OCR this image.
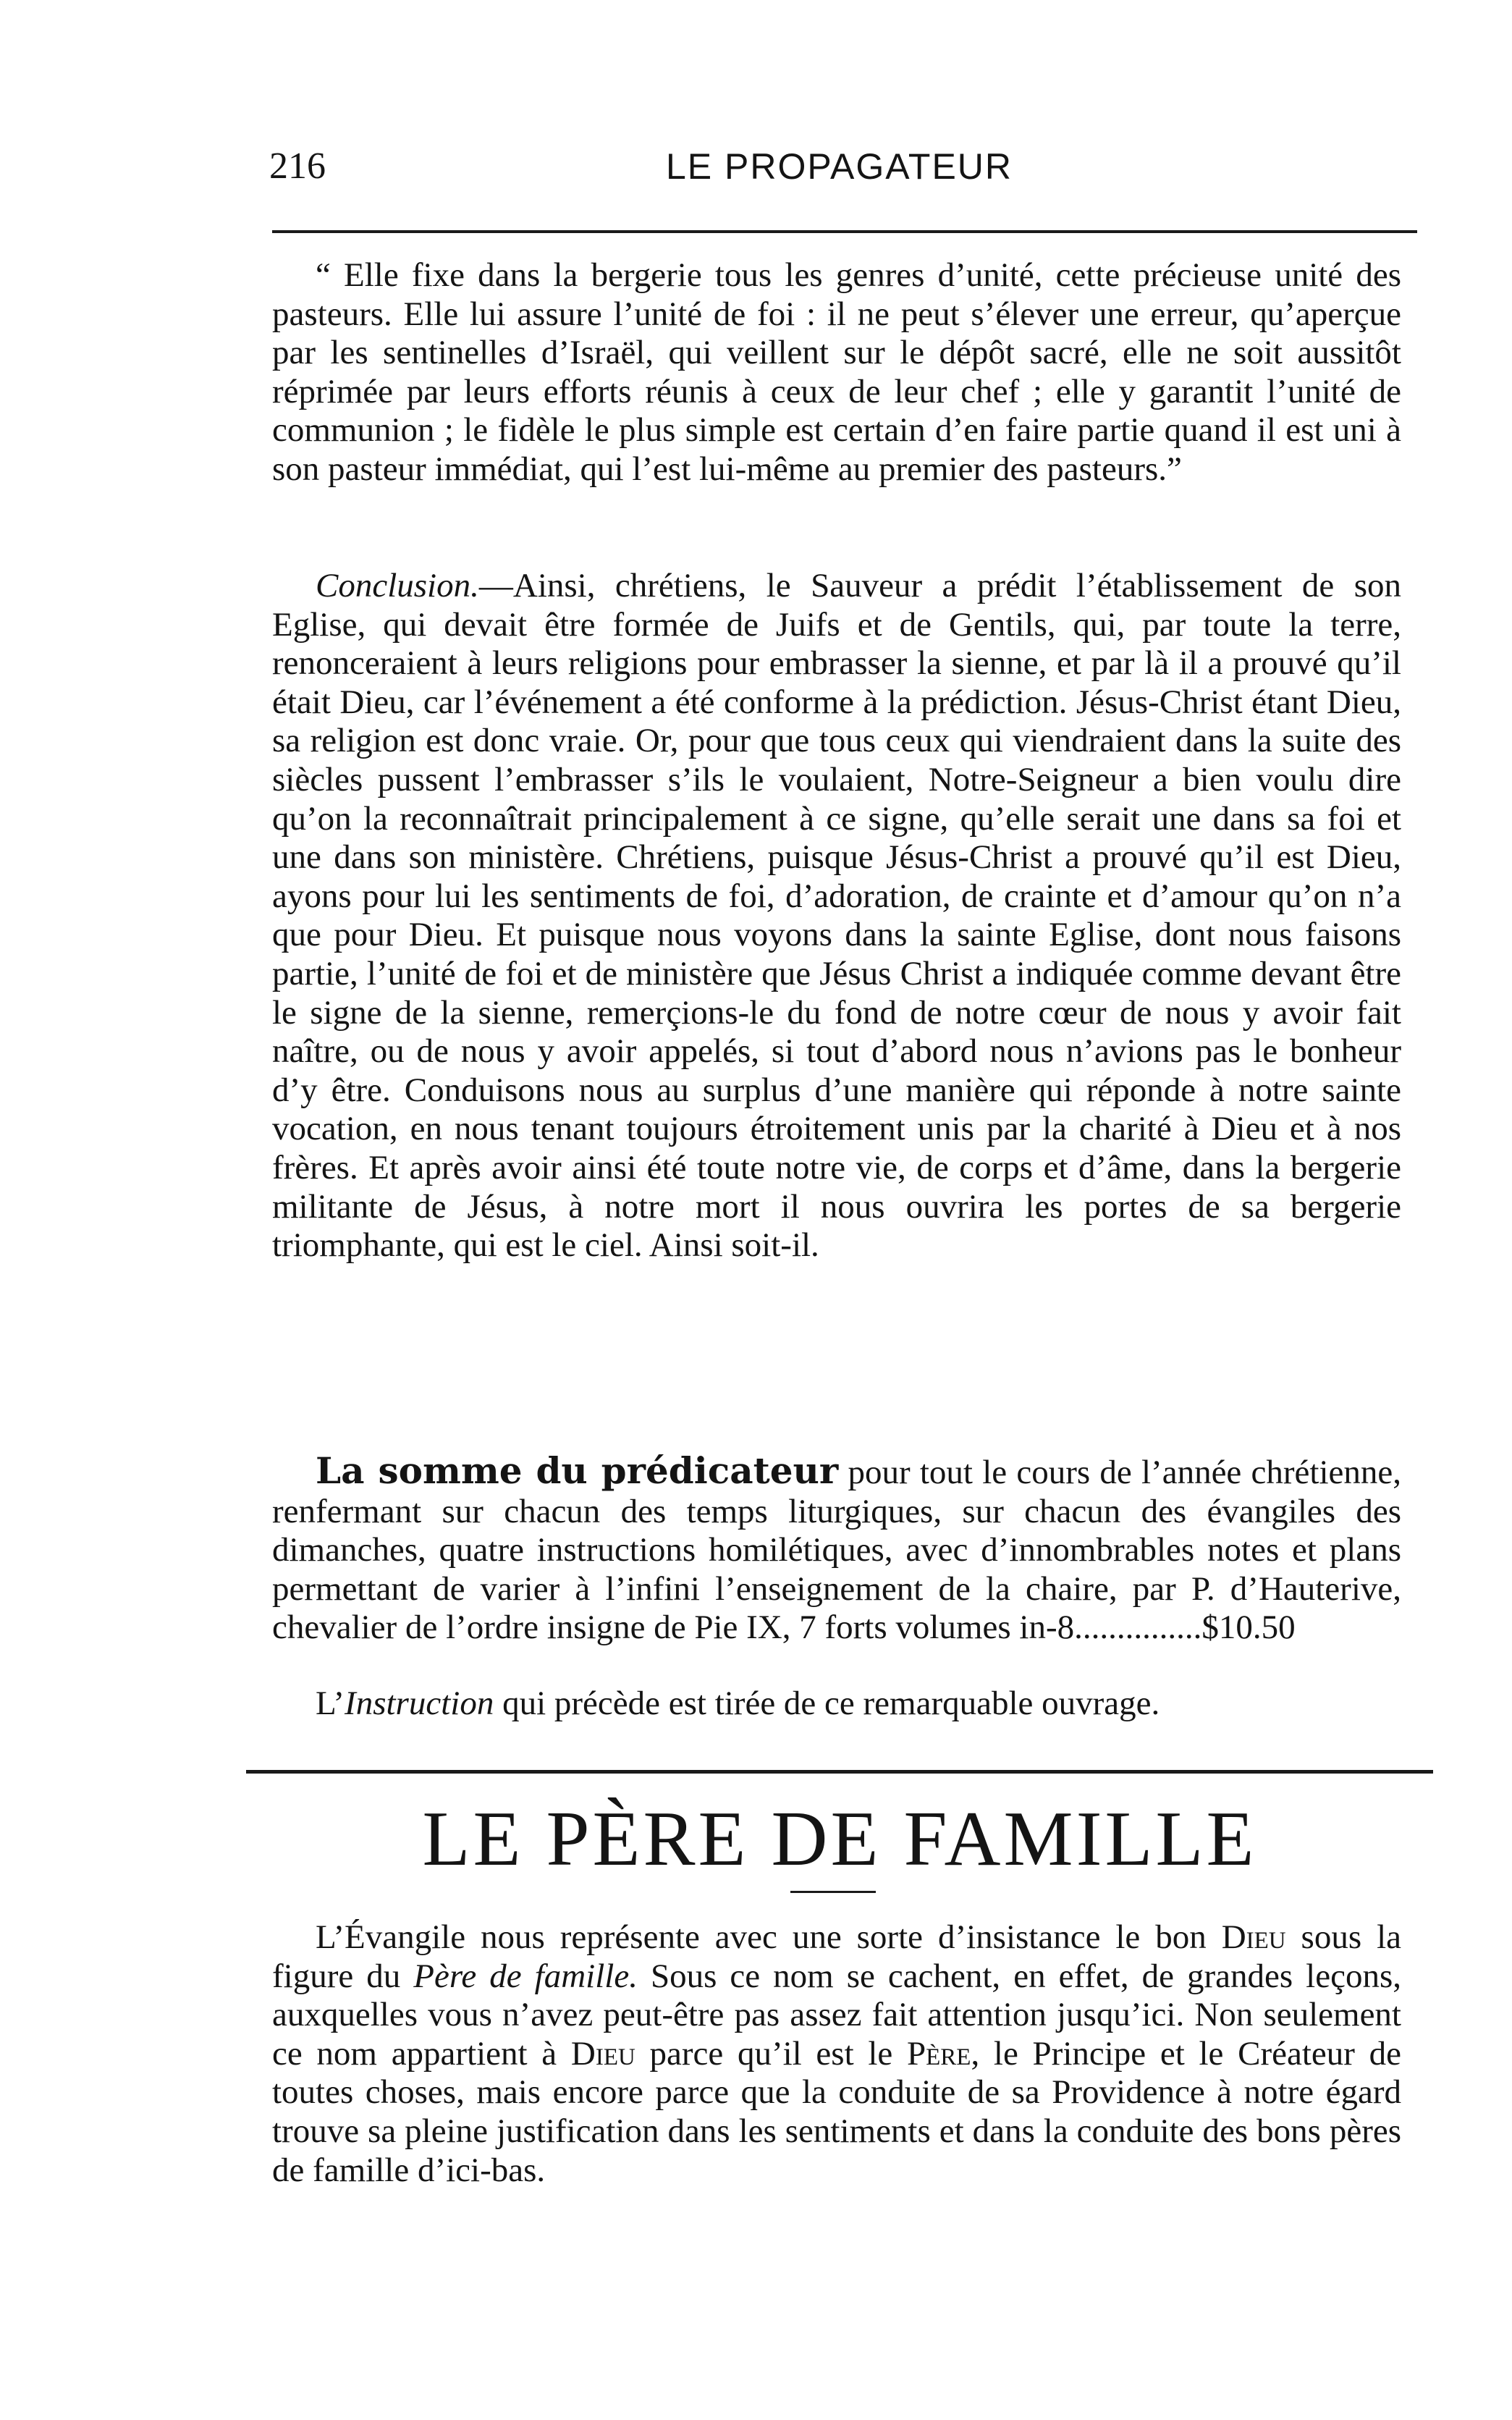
216	LE PROPAGATEUR

“ Elle fixe dans la bergerie tous les genres d’unité, cette précieuse unité des pasteurs. Elle lui assure l’unité de foi : il ne peut s’élever une erreur, qu’aperçue par les sentinelles d’Israël, qui veillent sur le dépôt sacré, elle ne soit aussitôt réprimée par leurs efforts réunis à ceux de leur chef ; elle y garantit l’unité de communion ; le fidèle le plus simple est certain d’en faire partie quand il est uni à son pasteur immédiat, qui l’est lui-même au premier des pasteurs.”

Conclusion.—Ainsi, chrétiens, le Sauveur a prédit l’établissement de son Eglise, qui devait être formée de Juifs et de Gentils, qui, par toute la terre, renonceraient à leurs religions pour embrasser la sienne, et par là il a prouvé qu’il était Dieu, car l’événement a été conforme à la prédiction. Jésus-Christ étant Dieu, sa religion est donc vraie. Or, pour que tous ceux qui viendraient dans la suite des siècles pussent l’embrasser s’ils le voulaient, Notre-Seigneur a bien voulu dire qu’on la reconnaîtrait principalement à ce signe, qu’elle serait une dans sa foi et une dans son ministère. Chrétiens, puisque Jésus-Christ a prouvé qu’il est Dieu, ayons pour lui les sentiments de foi, d’adoration, de crainte et d’amour qu’on n’a que pour Dieu. Et puisque nous voyons dans la sainte Eglise, dont nous faisons partie, l’unité de foi et de ministère que Jésus Christ a indiquée comme devant être le signe de la sienne, remerçions-le du fond de notre cœur de nous y avoir fait naître, ou de nous y avoir appelés, si tout d’abord nous n’avions pas le bonheur d’y être. Conduisons nous au surplus d’une manière qui réponde à notre sainte vocation, en nous tenant toujours étroitement unis par la charité à Dieu et à nos frères. Et après avoir ainsi été toute notre vie, de corps et d’âme, dans la bergerie militante de Jésus, à notre mort il nous ouvrira les portes de sa bergerie triomphante, qui est le ciel. Ainsi soit-il.

La somme du prédicateur pour tout le cours de l’année chrétienne, renfermant sur chacun des temps liturgiques, sur chacun des évangiles des dimanches, quatre instructions homilétiques, avec d’innombrables notes et plans permettant de varier à l’infini l’enseignement de la chaire, par P. d’Hauterive, chevalier de l’ordre insigne de Pie IX, 7 forts volumes in-8...............$10.50

L’Instruction qui précède est tirée de ce remarquable ouvrage.

LE PÈRE DE FAMILLE

L’Évangile nous représente avec une sorte d’insistance le bon Dieu sous la figure du Père de famille. Sous ce nom se cachent, en effet, de grandes leçons, auxquelles vous n’avez peut-être pas assez fait attention jusqu’ici. Non seulement ce nom appartient à Dieu parce qu’il est le Père, le Principe et le Créateur de toutes choses, mais encore parce que la conduite de sa Providence à notre égard trouve sa pleine justification dans les sentiments et dans la conduite des bons pères de famille d’ici-bas.
